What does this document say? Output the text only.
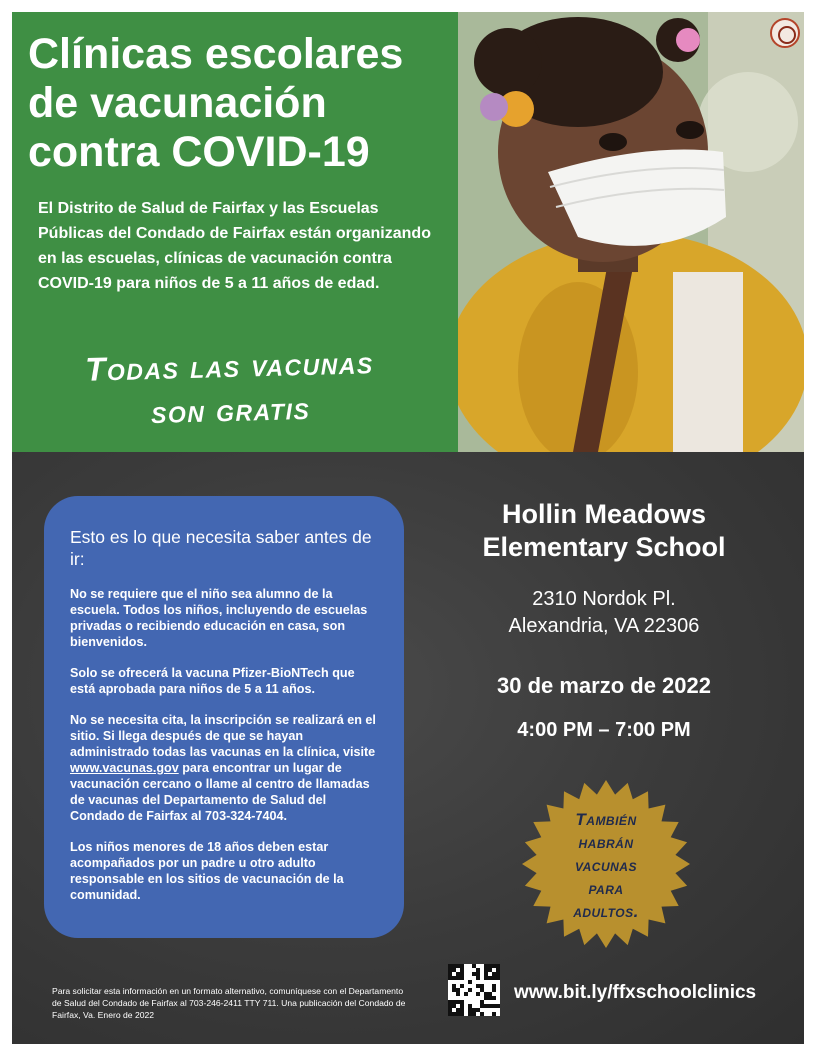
Clínicas escolares de vacunación contra COVID-19

El Distrito de Salud de Fairfax y las Escuelas Públicas del Condado de Fairfax están organizando en las escuelas, clínicas de vacunación contra COVID-19 para niños de 5 a 11 años de edad.

Todas las vacunas
son gratis
Esto es lo que necesita saber antes de ir:

No se requiere que el niño sea alumno de la escuela. Todos los niños, incluyendo de escuelas privadas o recibiendo educación en casa, son bienvenidos.

Solo se ofrecerá la vacuna Pfizer-BioNTech que está aprobada para niños de 5 a 11 años.

No se necesita cita, la inscripción se realizará en el sitio. Si llega después de que se hayan administrado todas las vacunas en la clínica, visite www.vacunas.gov para encontrar un lugar de vacunación cercano o llame al centro de llamadas de vacunas del Departamento de Salud del Condado de Fairfax al 703-324-7404.

Los niños menores de 18 años deben estar acompañados por un padre u otro adulto responsable en los sitios de vacunación de la comunidad.

Hollin Meadows Elementary School
2310 Nordok Pl.
Alexandria, VA 22306
30 de marzo de 2022
4:00 PM – 7:00 PM
También
habrán
vacunas
para
adultos.

Para solicitar esta información en un formato alternativo, comuníquese con el Departamento de Salud del Condado de Fairfax al 703-246-2411 TTY 711. Una publicación del Condado de Fairfax, Va. Enero de 2022

www.bit.ly/ffxschoolclinics
